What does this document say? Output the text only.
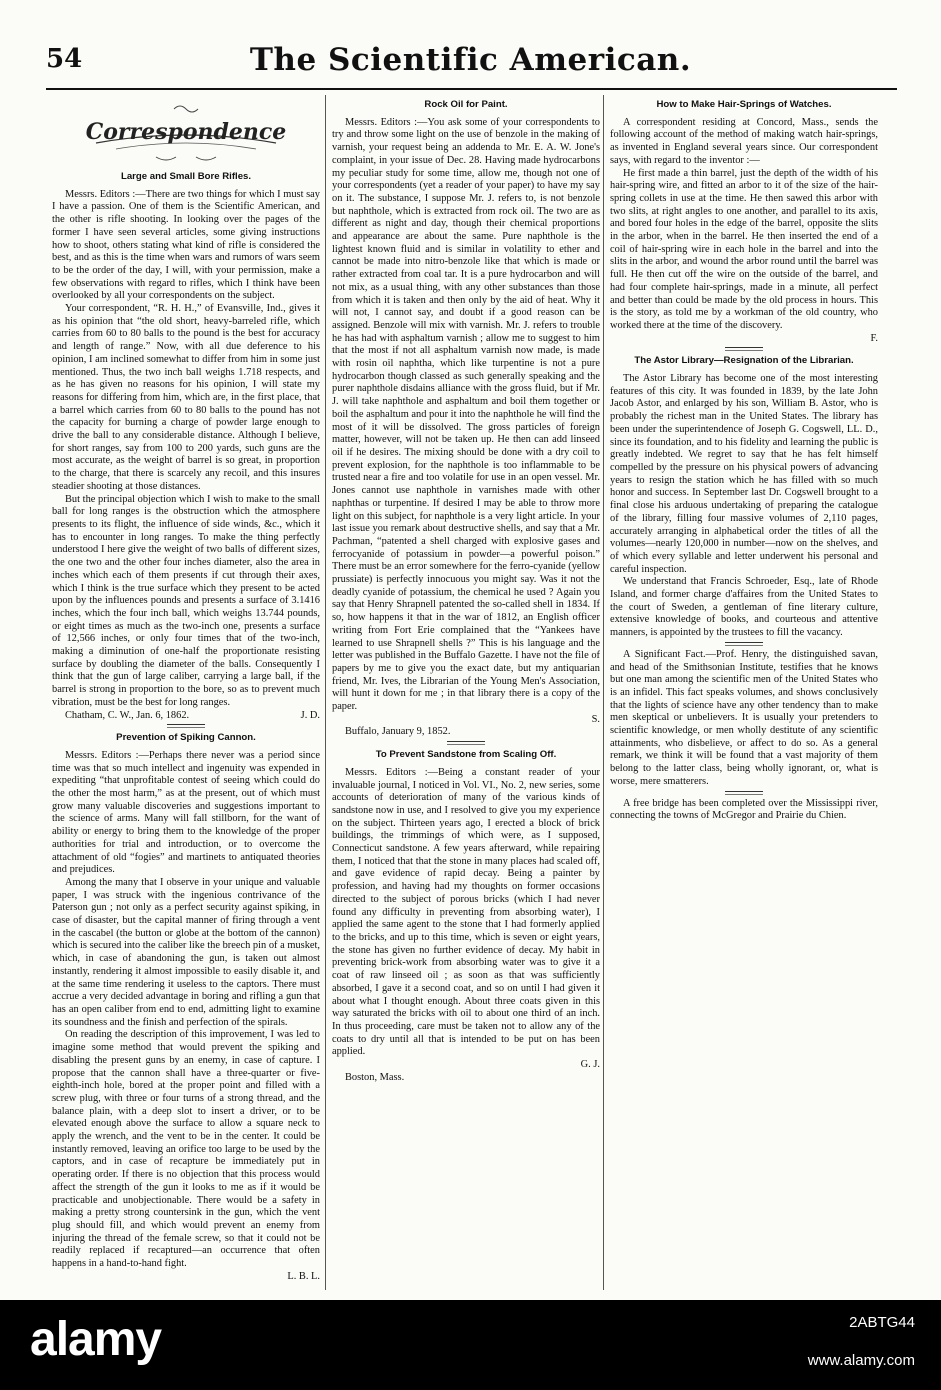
54	The Scientific American.
Correspondence
Large and Small Bore Rifles.

Messrs. Editors :—There are two things for which I must say I have a passion. One of them is the Scientific American, and the other is rifle shooting. In looking over the pages of the former I have seen several articles, some giving instructions how to shoot, others stating what kind of rifle is considered the best, and as this is the time when wars and rumors of wars seem to be the order of the day, I will, with your permission, make a few observations with regard to rifles, which I think have been overlooked by all your correspondents on the subject.

Your correspondent, “R. H. H.,” of Evansville, Ind., gives it as his opinion that “the old short, heavy-barreled rifle, which carries from 60 to 80 balls to the pound is the best for accuracy and length of range.” Now, with all due deference to his opinion, I am inclined somewhat to differ from him in some just mentioned. Thus, the two inch ball weighs 1.718 respects, and as he has given no reasons for his opinion, I will state my reasons for differing from him, which are, in the first place, that a barrel which carries from 60 to 80 balls to the pound has not the capacity for burning a charge of powder large enough to drive the ball to any considerable distance. Although I believe, for short ranges, say from 100 to 200 yards, such guns are the most accurate, as the weight of barrel is so great, in proportion to the charge, that there is scarcely any recoil, and this insures steadier shooting at those distances.

But the principal objection which I wish to make to the small ball for long ranges is the obstruction which the atmosphere presents to its flight, the influence of side winds, &c., which it has to encounter in long ranges. To make the thing perfectly understood I here give the weight of two balls of different sizes, the one two and the other four inches diameter, also the area in inches which each of them presents if cut through their axes, which I think is the true surface which they present to be acted upon by the influences pounds and presents a surface of 3.1416 inches, which the four inch ball, which weighs 13.744 pounds, or eight times as much as the two-inch one, presents a surface of 12,566 inches, or only four times that of the two-inch, making a diminution of one-half the proportionate resisting surface by doubling the diameter of the balls. Consequently I think that the gun of large caliber, carrying a large ball, if the barrel is strong in proportion to the bore, so as to prevent much vibration, must be the best for long ranges.

Chatham, C. W., Jan. 6, 1862.	J. D.

Prevention of Spiking Cannon.

Messrs. Editors :—Perhaps there never was a period since time was that so much intellect and ingenuity was expended in expediting “that unprofitable contest of seeing which could do the other the most harm,” as at the present, out of which must grow many valuable discoveries and suggestions important to the science of arms. Many will fall stillborn, for the want of ability or energy to bring them to the knowledge of the proper authorities for trial and introduction, or to overcome the attachment of old “fogies” and martinets to antiquated theories and prejudices.

Among the many that I observe in your unique and valuable paper, I was struck with the ingenious contrivance of the Paterson gun ; not only as a perfect security against spiking, in case of disaster, but the capital manner of firing through a vent in the cascabel (the button or globe at the bottom of the cannon) which is secured into the caliber like the breech pin of a musket, which, in case of abandoning the gun, is taken out almost instantly, rendering it almost impossible to easily disable it, and at the same time rendering it useless to the captors. There must accrue a very decided advantage in boring and rifling a gun that has an open caliber from end to end, admitting light to examine its soundness and the finish and perfection of the spirals.

On reading the description of this improvement, I was led to imagine some method that would prevent the spiking and disabling the present guns by an enemy, in case of capture. I propose that the cannon shall have a three-quarter or five-eighth-inch hole, bored at the proper point and filled with a screw plug, with three or four turns of a strong thread, and the balance plain, with a deep slot to insert a driver, or to be elevated enough above the surface to allow a square neck to apply the wrench, and the vent to be in the center. It could be instantly removed, leaving an orifice too large to be used by the captors, and in case of recapture be immediately put in operating order. If there is no objection that this process would affect the strength of the gun it looks to me as if it would be practicable and unobjectionable. There would be a safety in making a pretty strong countersink in the gun, which the vent plug should fill, and which would prevent an enemy from injuring the thread of the female screw, so that it could not be readily replaced if recaptured—an occurrence that often happens in a hand-to-hand fight.

L. B. L.

Rock Oil for Paint.

Messrs. Editors :—You ask some of your correspondents to try and throw some light on the use of benzole in the making of varnish, your request being an addenda to Mr. E. A. W. Jone's complaint, in your issue of Dec. 28. Having made hydrocarbons my peculiar study for some time, allow me, though not one of your correspondents (yet a reader of your paper) to have my say on it. The substance, I suppose Mr. J. refers to, is not benzole but naphthole, which is extracted from rock oil. The two are as different as night and day, though their chemical proportions and appearance are about the same. Pure naphthole is the lightest known fluid and is similar in volatility to ether and cannot be made into nitro-benzole like that which is made or rather extracted from coal tar. It is a pure hydrocarbon and will not mix, as a usual thing, with any other substances than those from which it is taken and then only by the aid of heat. Why it will not, I cannot say, and doubt if a good reason can be assigned. Benzole will mix with varnish. Mr. J. refers to trouble he has had with asphaltum varnish ; allow me to suggest to him that the most if not all asphaltum varnish now made, is made with rosin oil naphtha, which like turpentine is not a pure hydrocarbon though classed as such generally speaking and the purer naphthole disdains alliance with the gross fluid, but if Mr. J. will take naphthole and asphaltum and boil them together or boil the asphaltum and pour it into the naphthole he will find the most of it will be dissolved. The gross particles of foreign matter, however, will not be taken up. He then can add linseed oil if he desires. The mixing should be done with a dry coil to prevent explosion, for the naphthole is too inflammable to be trusted near a fire and too volatile for use in an open vessel. Mr. Jones cannot use naphthole in varnishes made with other naphthas or turpentine. If desired I may be able to throw more light on this subject, for naphthole is a very light article. In your last issue you remark about destructive shells, and say that a Mr. Pachman, “patented a shell charged with explosive gases and ferrocyanide of potassium in powder—a powerful poison.” There must be an error somewhere for the ferro-cyanide (yellow prussiate) is perfectly innocuous you might say. Was it not the deadly cyanide of potassium, the chemical he used ? Again you say that Henry Shrapnell patented the so-called shell in 1834. If so, how happens it that in the war of 1812, an English officer writing from Fort Erie complained that the “Yankees have learned to use Shrapnell shells ?” This is his language and the letter was published in the Buffalo Gazette. I have not the file of papers by me to give you the exact date, but my antiquarian friend, Mr. Ives, the Librarian of the Young Men's Association, will hunt it down for me ; in that library there is a copy of the paper.

S.

Buffalo, January 9, 1852.

To Prevent Sandstone from Scaling Off.

Messrs. Editors :—Being a constant reader of your invaluable journal, I noticed in Vol. VI., No. 2, new series, some accounts of deterioration of many of the various kinds of sandstone now in use, and I resolved to give you my experience on the subject. Thirteen years ago, I erected a block of brick buildings, the trimmings of which were, as I supposed, Connecticut sandstone. A few years afterward, while repairing them, I noticed that that the stone in many places had scaled off, and gave evidence of rapid decay. Being a painter by profession, and having had my thoughts on former occasions directed to the subject of porous bricks (which I had never found any difficulty in preventing from absorbing water), I applied the same agent to the stone that I had formerly applied to the bricks, and up to this time, which is seven or eight years, the stone has given no further evidence of decay. My habit in preventing brick-work from absorbing water was to give it a coat of raw linseed oil ; as soon as that was sufficiently absorbed, I gave it a second coat, and so on until I had given it about what I thought enough. About three coats given in this way saturated the bricks with oil to about one third of an inch. In thus proceeding, care must be taken not to allow any of the coats to dry until all that is intended to be put on has been applied.

G. J.

Boston, Mass.

How to Make Hair-Springs of Watches.

A correspondent residing at Concord, Mass., sends the following account of the method of making watch hair-springs, as invented in England several years since. Our correspondent says, with regard to the inventor :—

He first made a thin barrel, just the depth of the width of his hair-spring wire, and fitted an arbor to it of the size of the hair-spring collets in use at the time. He then sawed this arbor with two slits, at right angles to one another, and parallel to its axis, and bored four holes in the edge of the barrel, opposite the slits in the arbor, when in the barrel. He then inserted the end of a coil of hair-spring wire in each hole in the barrel and into the slits in the arbor, and wound the arbor round until the barrel was full. He then cut off the wire on the outside of the barrel, and had four complete hair-springs, made in a minute, all perfect and better than could be made by the old process in hours. This is the story, as told me by a workman of the old country, who worked there at the time of the discovery.

F.

The Astor Library—Resignation of the Librarian.

The Astor Library has become one of the most interesting features of this city. It was founded in 1839, by the late John Jacob Astor, and enlarged by his son, William B. Astor, who is probably the richest man in the United States. The library has been under the superintendence of Joseph G. Cogswell, LL. D., since its foundation, and to his fidelity and learning the public is greatly indebted. We regret to say that he has felt himself compelled by the pressure on his physical powers of advancing years to resign the station which he has filled with so much honor and success. In September last Dr. Cogswell brought to a final close his arduous undertaking of preparing the catalogue of the library, filling four massive volumes of 2,110 pages, accurately arranging in alphabetical order the titles of all the volumes—nearly 120,000 in number—now on the shelves, and of which every syllable and letter underwent his personal and careful inspection.

We understand that Francis Schroeder, Esq., late of Rhode Island, and former charge d'affaires from the United States to the court of Sweden, a gentleman of fine literary culture, extensive knowledge of books, and courteous and attentive manners, is appointed by the trustees to fill the vacancy.

A Significant Fact.—Prof. Henry, the distinguished savan, and head of the Smithsonian Institute, testifies that he knows but one man among the scientific men of the United States who is an infidel. This fact speaks volumes, and shows conclusively that the lights of science have any other tendency than to make men skeptical or unbelievers. It is usually your pretenders to scientific knowledge, or men wholly destitute of any scientific attainments, who disbelieve, or affect to do so. As a general remark, we think it will be found that a vast majority of them belong to the latter class, being wholly ignorant, or, what is worse, mere smatterers.

A free bridge has been completed over the Mississippi river, connecting the towns of McGregor and Prairie du Chien.

alamy	2ABTG44
www.alamy.com
